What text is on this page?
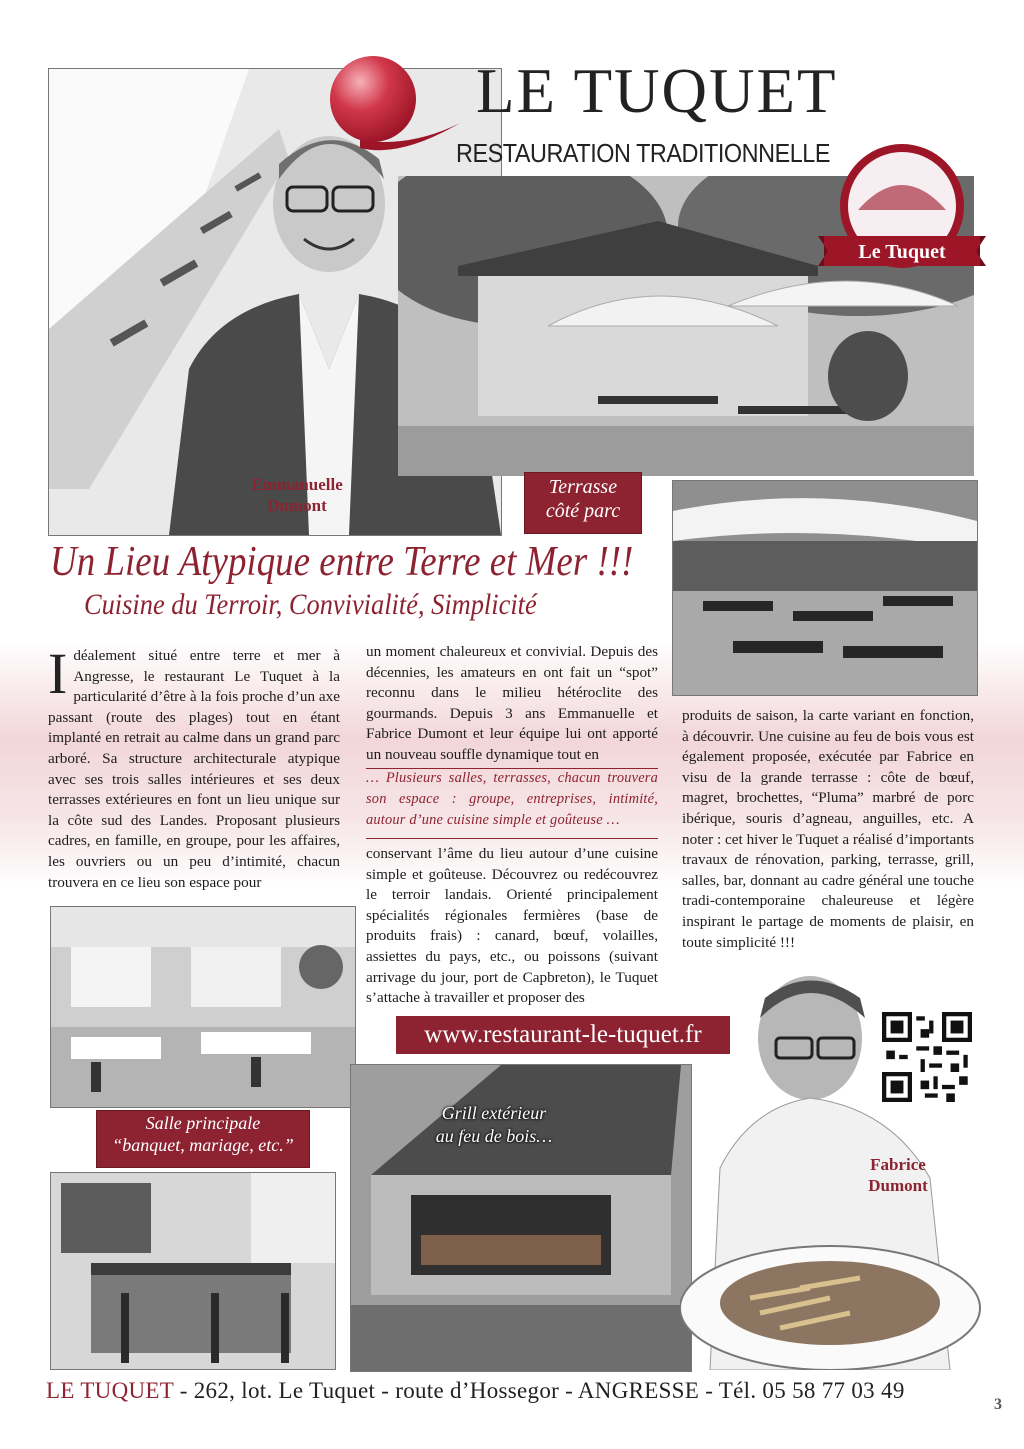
LE TUQUET
RESTAURATION TRADITIONNELLE
Le Tuquet
Emmanuelle
Dumont
Terrasse
côté parc
Un Lieu Atypique entre Terre et Mer !!!
Cuisine du Terroir, Convivialité, Simplicité
Idéalement situé entre terre et mer à Angresse, le restaurant Le Tuquet à la particularité d’être à la fois proche d’un axe passant (route des plages) tout en étant implanté en retrait au calme dans un grand parc arboré. Sa structure architecturale atypique avec ses trois salles intérieures et ses deux terrasses extérieures en font un lieu unique sur la côte sud des Landes. Proposant plusieurs cadres, en famille, en groupe, pour les affaires, les ouvriers ou un peu d’intimité, chacun trouvera en ce lieu son espace pour
un moment chaleureux et convivial. Depuis des décennies, les amateurs en ont fait un “spot” reconnu dans le milieu hétéroclite des gourmands. Depuis 3 ans Emmanuelle et Fabrice Dumont et leur équipe lui ont apporté un nouveau souffle dynamique tout en
… Plusieurs salles, terrasses, chacun trouvera son espace : groupe, entreprises, intimité, autour d’une cuisine simple et goûteuse …
conservant l’âme du lieu autour d’une cuisine simple et goûteuse. Découvrez ou redécouvrez le terroir landais. Orienté principalement spécialités régionales fermières (base de produits frais) : canard, bœuf, volailles, assiettes du pays, etc., ou poissons (suivant arrivage du jour, port de Capbreton), le Tuquet s’attache à travailler et proposer des
produits de saison, la carte variant en fonction, à découvrir. Une cuisine au feu de bois vous est également proposée, exécutée par Fabrice en visu de la grande terrasse : côte de bœuf, magret, brochettes, “Pluma” marbré de porc ibérique, souris d’agneau, anguilles, etc. A noter : cet hiver le Tuquet a réalisé d’importants travaux de rénovation, parking, terrasse, grill, salles, bar, donnant au cadre général une touche tradi-contemporaine chaleureuse et légère inspirant le partage de moments de plaisir, en toute simplicité !!!
Salle principale
“banquet, mariage, etc.”
www.restaurant-le-tuquet.fr
Grill extérieur
au feu de bois…
Fabrice
Dumont
LE TUQUET - 262, lot. Le Tuquet - route d’Hossegor - ANGRESSE - Tél. 05 58 77 03 49
3
